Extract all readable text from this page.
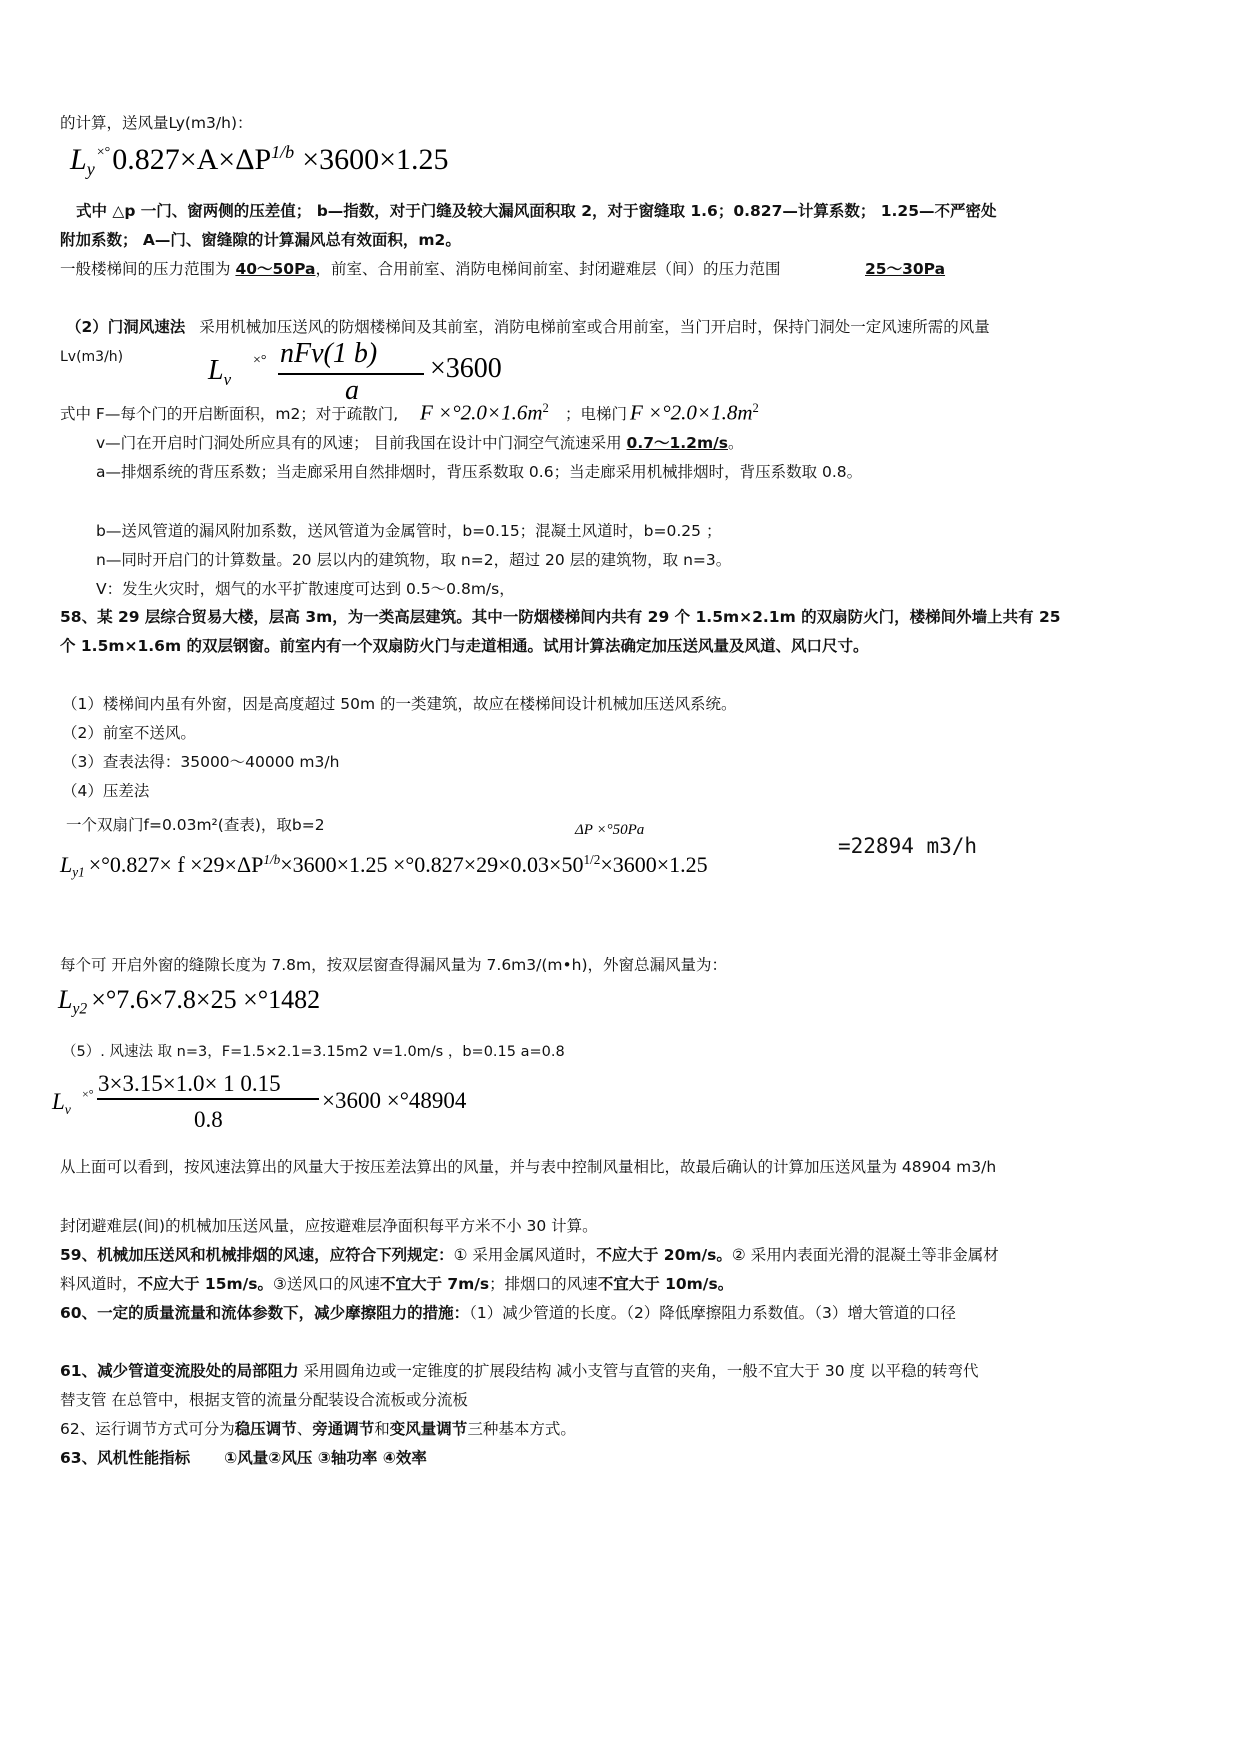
的计算，送风量Ly(m3/h)：
$L_y^{\times^\circ}0.827\times A\times\Delta P^{1/b} \times 3600\times 1.25$
式中 △p 一门、窗两侧的压差值； b—指数，对于门缝及较大漏风面积取 2，对于窗缝取 1.6；0.827—计算系数； 1.25—不严密处
附加系数； A—门、窗缝隙的计算漏风总有效面积，m2。
一般楼梯间的压力范围为 40～50Pa，前室、合用前室、消防电梯间前室、封闭避难层（间）的压力范围	25～30Pa
（2）门洞风速法 采用机械加压送风的防烟楼梯间及其前室，消防电梯前室或合用前室，当门开启时，保持门洞处一定风速所需的风量
Lv(m3/h)	$L_v$
×° nFv(1 b)
a
×3600
式中 F—每个门的开启断面积，m2；对于疏散门, $F \times^\circ 2.0\times 1.6m^2$ ；电梯门 $F \times^\circ 2.0\times 1.8m^2$
v—门在开启时门洞处所应具有的风速； 目前我国在设计中门洞空气流速采用 0.7～1.2m/s。
a—排烟系统的背压系数；当走廊采用自然排烟时，背压系数取 0.6；当走廊采用机械排烟时，背压系数取 0.8。
b—送风管道的漏风附加系数，送风管道为金属管时，b=0.15；混凝土风道时，b=0.25 ；
n—同时开启门的计算数量。20 层以内的建筑物，取 n=2，超过 20 层的建筑物，取 n=3。
V：发生火灾时，烟气的水平扩散速度可达到 0.5～0.8m/s，
58、某 29 层综合贸易大楼，层高 3m，为一类高层建筑。其中一防烟楼梯间内共有 29 个 1.5m×2.1m 的双扇防火门，楼梯间外墙上共有 25
个 1.5m×1.6m 的双层钢窗。前室内有一个双扇防火门与走道相通。试用计算法确定加压送风量及风道、风口尺寸。
（1）楼梯间内虽有外窗，因是高度超过 50m 的一类建筑，故应在楼梯间设计机械加压送风系统。
（2）前室不送风。
（3）查表法得：35000～40000 m3/h
（4）压差法
一个双扇门f=0.03m²(查表)，取b=2	ΔP ×°50Pa
$L_{y1} \times^\circ 0.827\times f \times 29\times\Delta P^{1/b}\times 3600\times 1.25 \times^\circ 0.827\times 29\times 0.03\times 50^{1/2}\times 3600\times 1.25$
=22894 m3/h
每个可 开启外窗的缝隙长度为 7.8m，按双层窗查得漏风量为 7.6m3/(m•h)，外窗总漏风量为：
$L_{y2} \times^\circ 7.6\times 7.8\times 25 \times^\circ 1482$
（5）. 风速法 取 n=3，F=1.5×2.1=3.15m2 v=1.0m/s ，b=0.15 a=0.8
$L_v$
×° 3×3.15×1.0× 1 0.15
0.8
×3600 ×°48904
从上面可以看到，按风速法算出的风量大于按压差法算出的风量，并与表中控制风量相比，故最后确认的计算加压送风量为 48904 m3/h
封闭避难层(间)的机械加压送风量，应按避难层净面积每平方米不小 30 计算。
59、机械加压送风和机械排烟的风速，应符合下列规定：① 采用金属风道时，不应大于 20m/s。② 采用内表面光滑的混凝土等非金属材
料风道时，不应大于 15m/s。③送风口的风速不宜大于 7m/s；排烟口的风速不宜大于 10m/s。
60、一定的质量流量和流体参数下，减少摩擦阻力的措施：（1）减少管道的长度。（2）降低摩擦阻力系数值。（3）增大管道的口径
61、减少管道变流股处的局部阻力 采用圆角边或一定锥度的扩展段结构 减小支管与直管的夹角，一般不宜大于 30 度 以平稳的转弯代
替支管 在总管中，根据支管的流量分配装设合流板或分流板
62、运行调节方式可分为稳压调节、旁通调节和变风量调节三种基本方式。
63、风机性能指标 ①风量②风压 ③轴功率 ④效率
